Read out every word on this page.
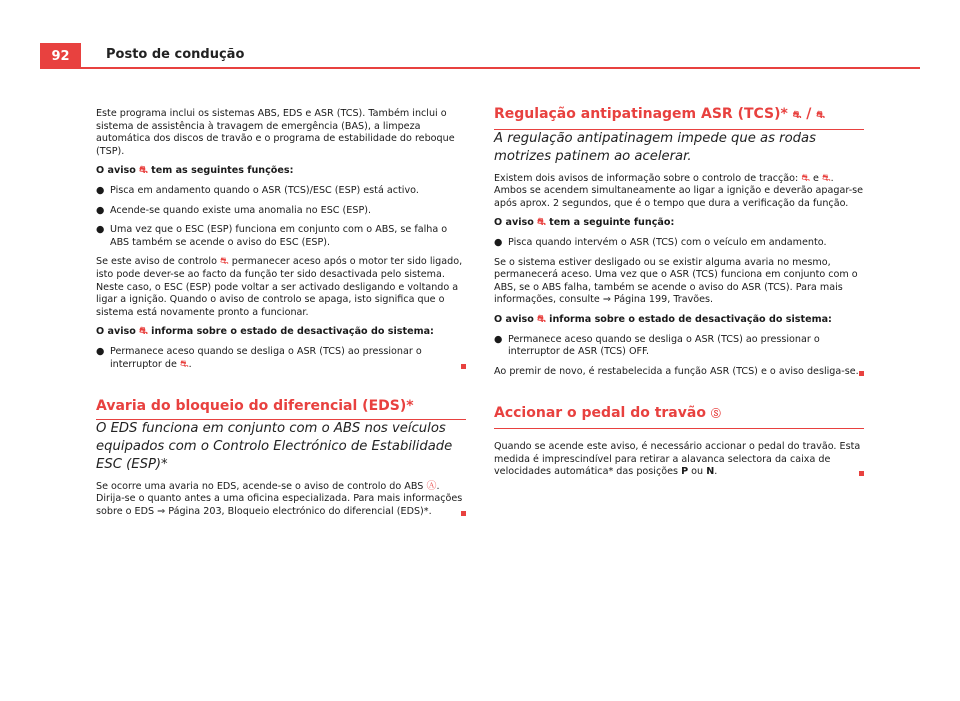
92	Posto de condução

Este programa inclui os sistemas ABS, EDS e ASR (TCS). Também inclui o sistema de assistência à travagem de emergência (BAS), a limpeza automática dos discos de travão e o programa de estabilidade do reboque (TSP).

O aviso ⛐ tem as seguintes funções:

● Pisca em andamento quando o ASR (TCS)/ESC (ESP) está activo.
● Acende-se quando existe uma anomalia no ESC (ESP).
● Uma vez que o ESC (ESP) funciona em conjunto com o ABS, se falha o ABS também se acende o aviso do ESC (ESP).

Se este aviso de controlo ⛐ permanecer aceso após o motor ter sido ligado, isto pode dever-se ao facto da função ter sido desactivada pelo sistema. Neste caso, o ESC (ESP) pode voltar a ser activado desligando e voltando a ligar a ignição. Quando o aviso de controlo se apaga, isto significa que o sistema está novamente pronto a funcionar.

O aviso ⛐ informa sobre o estado de desactivação do sistema:

● Permanece aceso quando se desliga o ASR (TCS) ao pressionar o interruptor de ⛐.
Avaria do bloqueio do diferencial (EDS)*

O EDS funciona em conjunto com o ABS nos veículos equipados com o Controlo Electrónico de Estabilidade ESC (ESP)*

Se ocorre uma avaria no EDS, acende-se o aviso de controlo do ABS Ⓐ. Dirija-se o quanto antes a uma oficina especializada. Para mais informações sobre o EDS ⇒ Página 203, Bloqueio electrónico do diferencial (EDS)*.

Regulação antipatinagem ASR (TCS)* ⛐ / ⛐

A regulação antipatinagem impede que as rodas motrizes patinem ao acelerar.

Existem dois avisos de informação sobre o controlo de tracção: ⛐ e ⛐. Ambos se acendem simultaneamente ao ligar a ignição e deverão apagar-se após aprox. 2 segundos, que é o tempo que dura a verificação da função.

O aviso ⛐ tem a seguinte função:

● Pisca quando intervém o ASR (TCS) com o veículo em andamento.

Se o sistema estiver desligado ou se existir alguma avaria no mesmo, permanecerá aceso. Uma vez que o ASR (TCS) funciona em conjunto com o ABS, se o ABS falha, também se acende o aviso do ASR (TCS). Para mais informações, consulte ⇒ Página 199, Travões.

O aviso ⛐ informa sobre o estado de desactivação do sistema:

● Permanece aceso quando se desliga o ASR (TCS) ao pressionar o interruptor de ASR (TCS) OFF.

Ao premir de novo, é restabelecida a função ASR (TCS) e o aviso desliga-se.

Accionar o pedal do travão Ⓢ

Quando se acende este aviso, é necessário accionar o pedal do travão. Esta medida é imprescindível para retirar a alavanca selectora da caixa de velocidades automática* das posições P ou N.
